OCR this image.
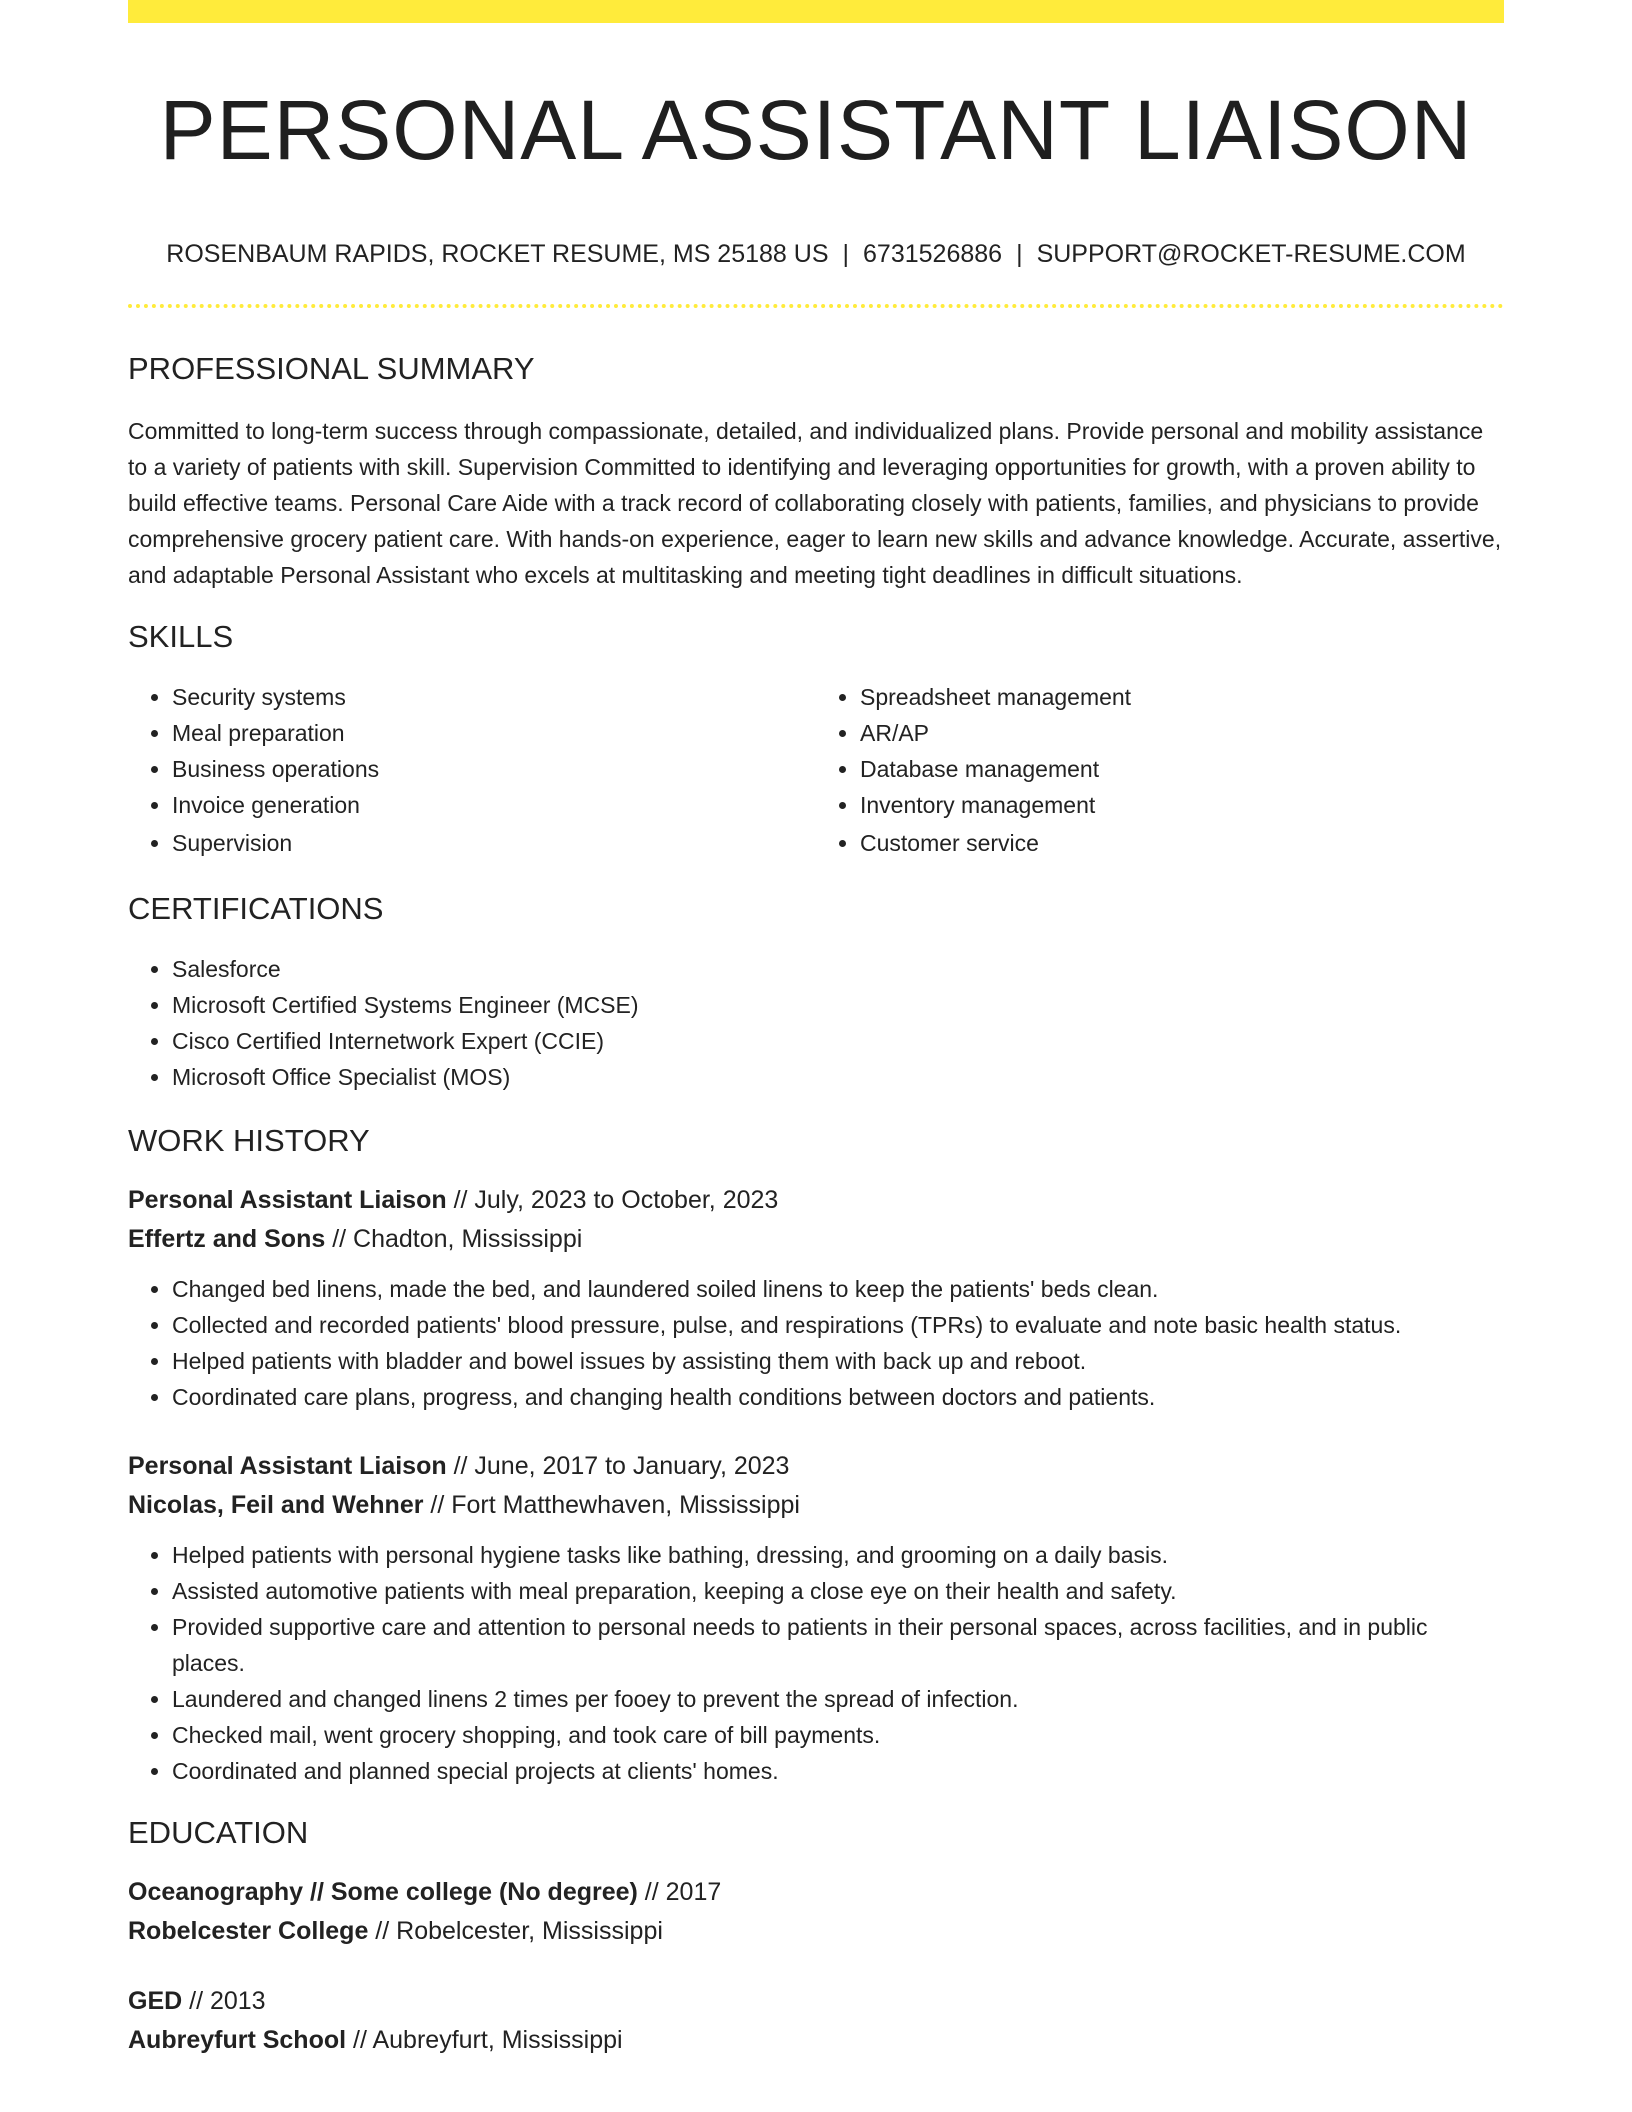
PERSONAL ASSISTANT LIAISON
ROSENBAUM RAPIDS, ROCKET RESUME, MS 25188 US | 6731526886 | SUPPORT@ROCKET-RESUME.COM
PROFESSIONAL SUMMARY

Committed to long-term success through compassionate, detailed, and individualized plans. Provide personal and mobility assistance to a variety of patients with skill. Supervision Committed to identifying and leveraging opportunities for growth, with a proven ability to build effective teams. Personal Care Aide with a track record of collaborating closely with patients, families, and physicians to provide comprehensive grocery patient care. With hands-on experience, eager to learn new skills and advance knowledge. Accurate, assertive, and adaptable Personal Assistant who excels at multitasking and meeting tight deadlines in difficult situations.

SKILLS
• Security systems
• Meal preparation
• Business operations
• Invoice generation
• Supervision
• Spreadsheet management
• AR/AP
• Database management
• Inventory management
• Customer service
CERTIFICATIONS
• Salesforce
• Microsoft Certified Systems Engineer (MCSE)
• Cisco Certified Internetwork Expert (CCIE)
• Microsoft Office Specialist (MOS)
WORK HISTORY
Personal Assistant Liaison // July, 2023 to October, 2023
Effertz and Sons // Chadton, Mississippi
• Changed bed linens, made the bed, and laundered soiled linens to keep the patients' beds clean.
• Collected and recorded patients' blood pressure, pulse, and respirations (TPRs) to evaluate and note basic health status.
• Helped patients with bladder and bowel issues by assisting them with back up and reboot.
• Coordinated care plans, progress, and changing health conditions between doctors and patients.
Personal Assistant Liaison // June, 2017 to January, 2023
Nicolas, Feil and Wehner // Fort Matthewhaven, Mississippi
• Helped patients with personal hygiene tasks like bathing, dressing, and grooming on a daily basis.
• Assisted automotive patients with meal preparation, keeping a close eye on their health and safety.
• Provided supportive care and attention to personal needs to patients in their personal spaces, across facilities, and in public places.
• Laundered and changed linens 2 times per fooey to prevent the spread of infection.
• Checked mail, went grocery shopping, and took care of bill payments.
• Coordinated and planned special projects at clients' homes.
EDUCATION
Oceanography // Some college (No degree) // 2017
Robelcester College // Robelcester, Mississippi
GED // 2013
Aubreyfurt School // Aubreyfurt, Mississippi
